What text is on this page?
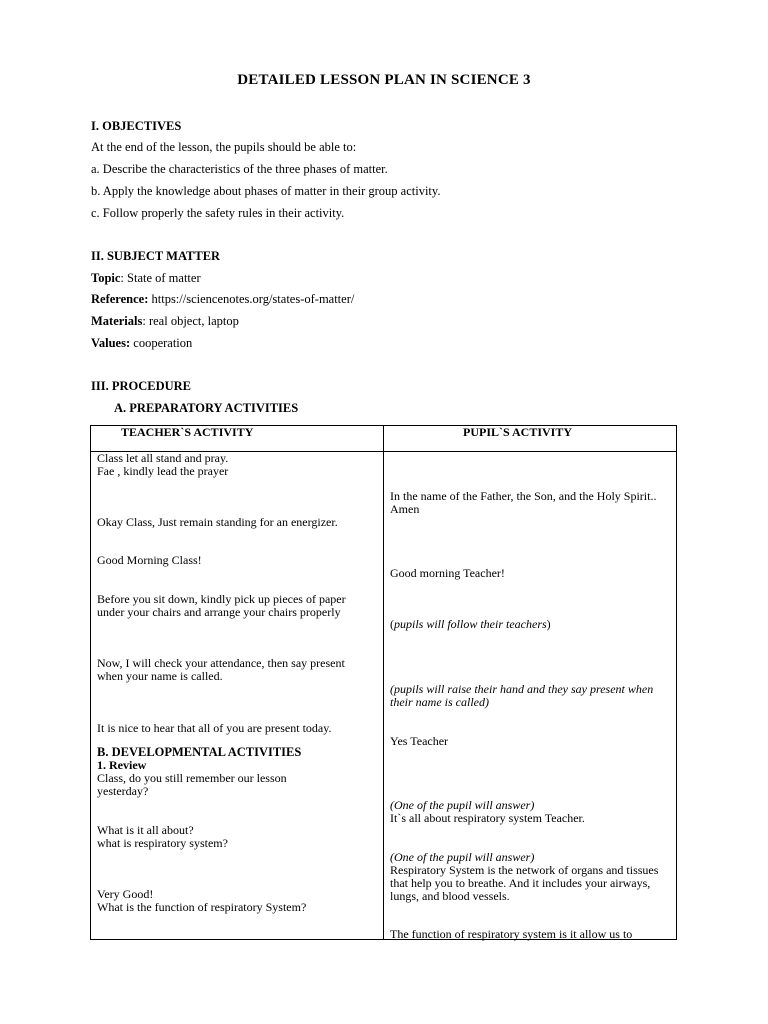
DETAILED LESSON PLAN IN SCIENCE 3
I. OBJECTIVES
At the end of the lesson, the pupils should be able to:
a. Describe the characteristics of the three phases of matter.
b. Apply the knowledge about phases of matter in their group activity.
c. Follow properly the safety rules in their activity.
II. SUBJECT MATTER
Topic: State of matter
Reference: https://sciencenotes.org/states-of-matter/
Materials: real object, laptop
Values: cooperation
III. PROCEDURE
A. PREPARATORY ACTIVITIES
TEACHER`S ACTIVITY	PUPIL`S ACTIVITY
Class let all stand and pray.
Fae , kindly lead the prayer
Okay Class, Just remain standing for an energizer.
Good Morning Class!
Before you sit down, kindly pick up pieces of paper under your chairs and arrange your chairs properly
Now, I will check your attendance, then say present when your name is called.
It is nice to hear that all of you are present today.
B. DEVELOPMENTAL ACTIVITIES
1. Review
Class, do you still remember our lesson yesterday?
What is it all about?
what is respiratory system?
Very Good!
What is the function of respiratory System?
In the name of the Father, the Son, and the Holy Spirit.. Amen
Good morning Teacher!
(pupils will follow their teachers)
(pupils will raise their hand and they say present when their name is called)
Yes Teacher
(One of the pupil will answer)
It`s all about respiratory system Teacher.
(One of the pupil will answer)
Respiratory System is the network of organs and tissues that help you to breathe. And it includes your airways, lungs, and blood vessels.
The function of respiratory system is it allow us to
